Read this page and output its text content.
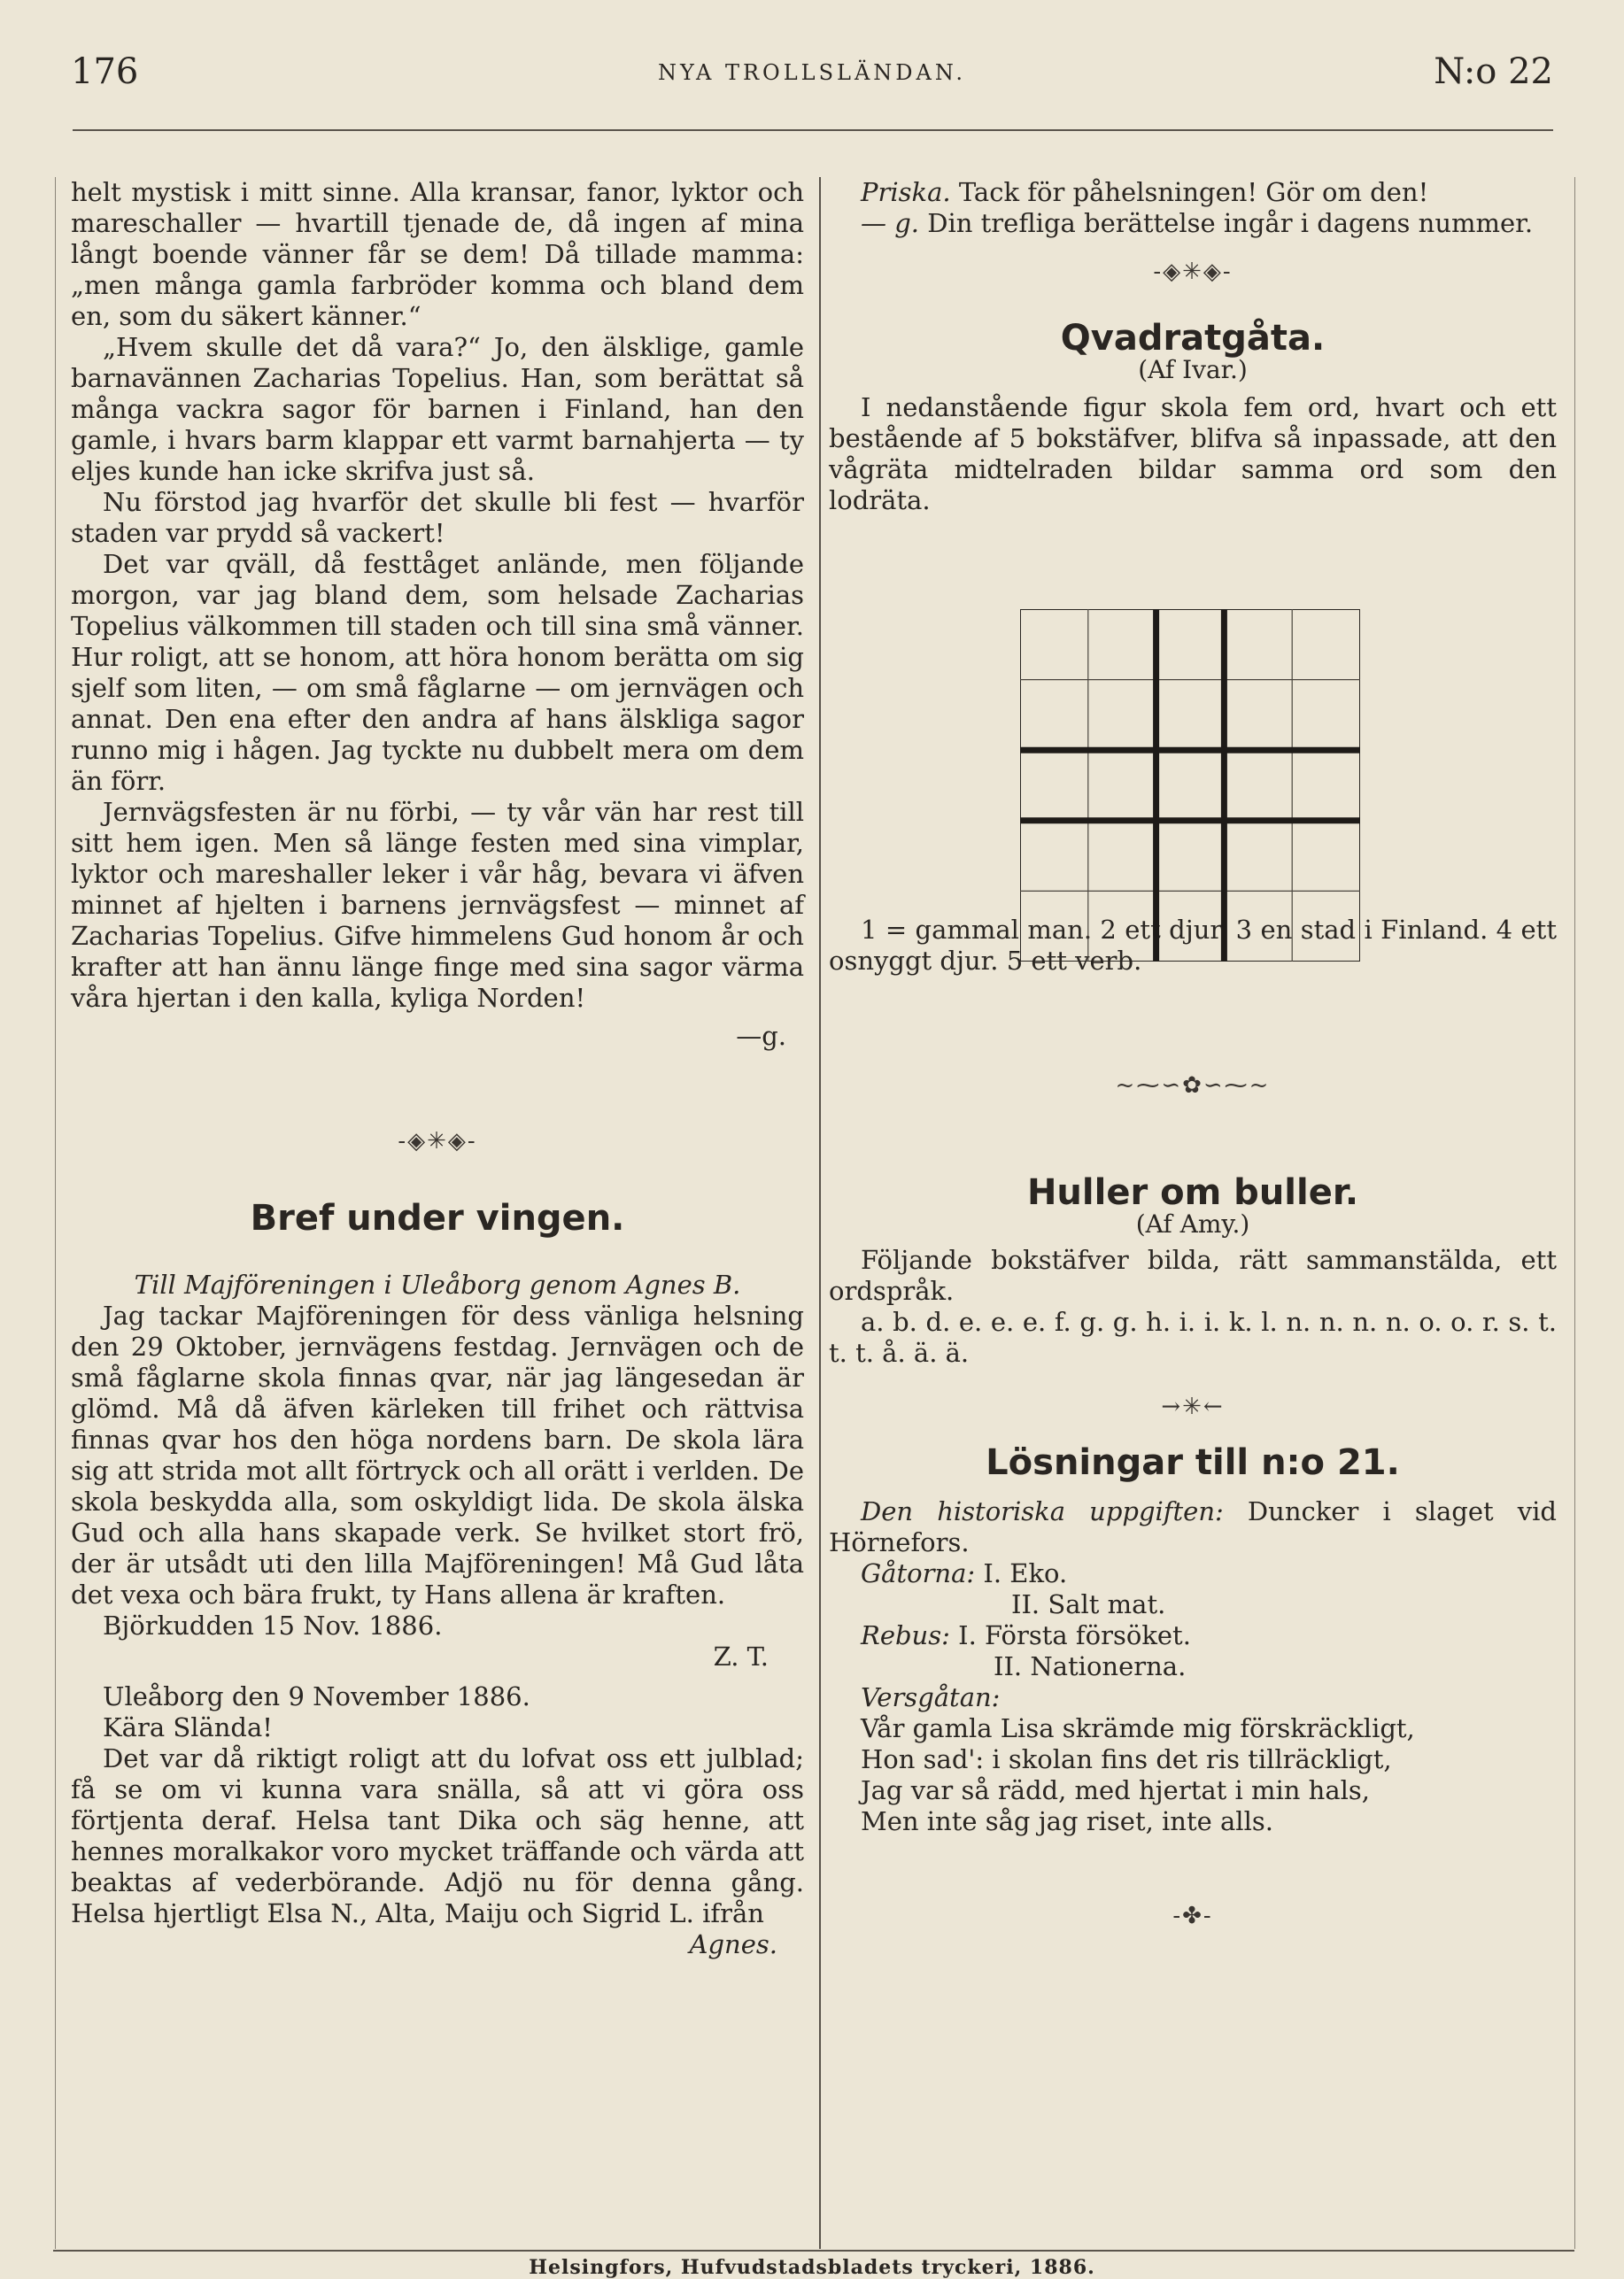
176	NYA TROLLSLÄNDAN.	N:o 22

helt mystisk i mitt sinne. Alla kransar, fanor, lyktor och mareschaller — hvartill tjenade de, då ingen af mina långt boende vänner får se dem! Då tillade mamma: „men många gamla farbröder komma och bland dem en, som du säkert känner.“

„Hvem skulle det då vara?“ Jo, den älsklige, gamle barnavännen Zacharias Topelius. Han, som berättat så många vackra sagor för barnen i Finland, han den gamle, i hvars barm klappar ett varmt barnahjerta — ty eljes kunde han icke skrifva just så.

Nu förstod jag hvarför det skulle bli fest — hvarför staden var prydd så vackert!

Det var qväll, då festtåget anlände, men följande morgon, var jag bland dem, som helsade Zacharias Topelius välkommen till staden och till sina små vänner. Hur roligt, att se honom, att höra honom berätta om sig sjelf som liten, — om små fåglarne — om jernvägen och annat. Den ena efter den andra af hans älskliga sagor runno mig i hågen. Jag tyckte nu dubbelt mera om dem än förr.

Jernvägsfesten är nu förbi, — ty vår vän har rest till sitt hem igen. Men så länge festen med sina vimplar, lyktor och mareshaller leker i vår håg, bevara vi äfven minnet af hjelten i barnens jernvägsfest — minnet af Zacharias Topelius. Gifve himmelens Gud honom år och krafter att han ännu länge finge med sina sagor värma våra hjertan i den kalla, kyliga Norden!

—g.

-◈✳◈-
Bref under vingen.

Till Majföreningen i Uleåborg genom Agnes B.

Jag tackar Majföreningen för dess vänliga helsning den 29 Oktober, jernvägens festdag. Jernvägen och de små fåglarne skola finnas qvar, när jag längesedan är glömd. Må då äfven kärleken till frihet och rättvisa finnas qvar hos den höga nordens barn. De skola lära sig att strida mot allt förtryck och all orätt i verlden. De skola beskydda alla, som oskyldigt lida. De skola älska Gud och alla hans skapade verk. Se hvilket stort frö, der är utsådt uti den lilla Majföreningen! Må Gud låta det vexa och bära frukt, ty Hans allena är kraften.

Björkudden 15 Nov. 1886.

Z. T.

Uleåborg den 9 November 1886.

Kära Slända!

Det var då riktigt roligt att du lofvat oss ett julblad; få se om vi kunna vara snälla, så att vi göra oss förtjenta deraf. Helsa tant Dika och säg henne, att hennes moralkakor voro mycket träffande och värda att beaktas af vederbörande. Adjö nu för denna gång. Helsa hjertligt Elsa N., Alta, Maiju och Sigrid L. ifrån

Agnes.

Priska. Tack för påhelsningen! Gör om den!

— g. Din trefliga berättelse ingår i dagens nummer.

-◈✳◈-
Qvadratgåta.
(Af Ivar.)

I nedanstående figur skola fem ord, hvart och ett bestående af 5 bokstäfver, blifva så inpassade, att den vågräta midtelraden bildar samma ord som den lodräta.

1 = gammal man. 2 ett djur. 3 en stad i Finland. 4 ett osnyggt djur. 5 ett verb.

~⁓∽✿∽⁓~
Huller om buller.
(Af Amy.)

Följande bokstäfver bilda, rätt sammanstälda, ett ordspråk.

a. b. d. e. e. e. f. g. g. h. i. i. k. l. n. n. n. n. o. o. r. s. t. t. t. å. ä. ä.

→✳←
Lösningar till n:o 21.

Den historiska uppgiften: Duncker i slaget vid Hörnefors.

Gåtorna: I. Eko.

II. Salt mat.

Rebus: I. Första försöket.

II. Nationerna.

Versgåtan:

Vår gamla Lisa skrämde mig förskräckligt,

Hon sad': i skolan fins det ris tillräckligt,

Jag var så rädd, med hjertat i min hals,

Men inte såg jag riset, inte alls.

-✤-
Helsingfors, Hufvudstadsbladets tryckeri, 1886.
